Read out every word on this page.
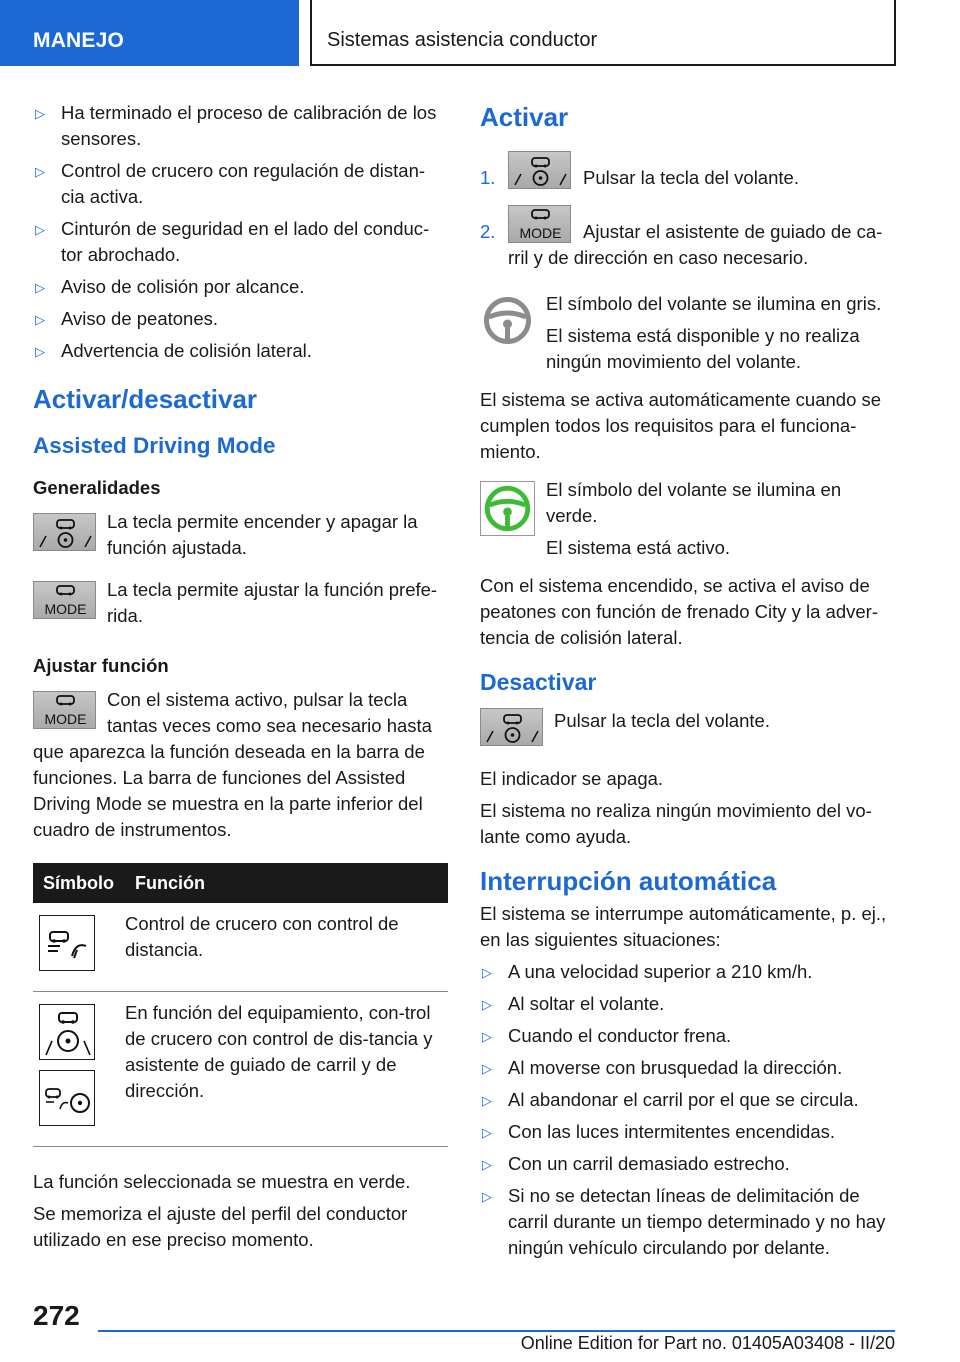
MANEJO	Sistemas asistencia conductor
▷ Ha terminado el proceso de calibración de los sensores.
▷ Control de crucero con regulación de distan-cia activa.
▷ Cinturón de seguridad en el lado del conduc-tor abrochado.
▷ Aviso de colisión por alcance.
▷ Aviso de peatones.
▷ Advertencia de colisión lateral.
Activar/desactivar
Assisted Driving Mode
Generalidades

La tecla permite encender y apagar la función ajustada.

MODE

La tecla permite ajustar la función prefe-rida.

Ajustar función
MODE

Con el sistema activo, pulsar la tecla tantas veces como sea necesario hasta que aparezca la función deseada en la barra de funciones. La barra de funciones del Assisted Driving Mode se muestra en la parte inferior del cuadro de instrumentos.

Símbolo	Función

	Control de crucero con control de distancia.

	En función del equipamiento, con-trol de crucero con control de dis-tancia y asistente de guiado de carril y de dirección.

La función seleccionada se muestra en verde.

Se memoriza el ajuste del perfil del conductor utilizado en ese preciso momento.

Activar
1.	Pulsar la tecla del volante.

2. MODE	Ajustar el asistente de guiado de ca-rril y de dirección en caso necesario.

El símbolo del volante se ilumina en gris.

El sistema está disponible y no realiza ningún movimiento del volante.

El sistema se activa automáticamente cuando se cumplen todos los requisitos para el funciona-miento.

El símbolo del volante se ilumina en verde.

El sistema está activo.

Con el sistema encendido, se activa el aviso de peatones con función de frenado City y la adver-tencia de colisión lateral.

Desactivar

Pulsar la tecla del volante.

El indicador se apaga.

El sistema no realiza ningún movimiento del vo-lante como ayuda.

Interrupción automática

El sistema se interrumpe automáticamente, p. ej., en las siguientes situaciones:

▷ A una velocidad superior a 210 km/h.
▷ Al soltar el volante.
▷ Cuando el conductor frena.
▷ Al moverse con brusquedad la dirección.
▷ Al abandonar el carril por el que se circula.
▷ Con las luces intermitentes encendidas.
▷ Con un carril demasiado estrecho.
▷ Si no se detectan líneas de delimitación de carril durante un tiempo determinado y no hay ningún vehículo circulando por delante.
272
Online Edition for Part no. 01405A03408 - II/20
